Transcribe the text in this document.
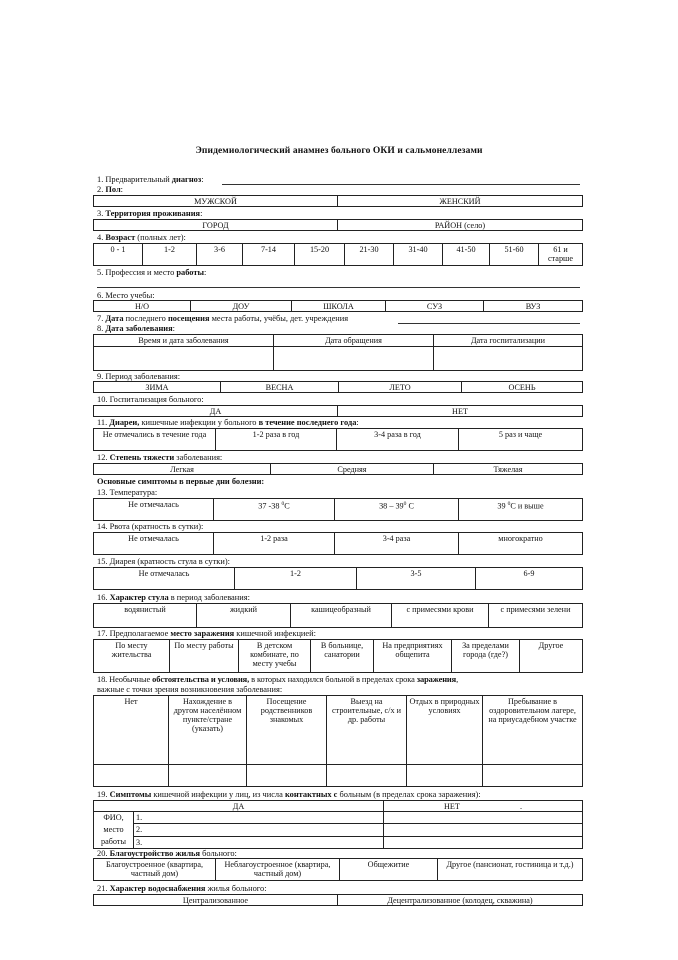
Эпидемиологический анамнез больного ОКИ и сальмонеллезами
1. Предварительный диагноз:
2. Пол:
МУЖСКОЙ	ЖЕНСКИЙ
3. Территория проживания:
ГОРОД	РАЙОН (село)
4. Возраст (полных лет):
0 - 1	1-2	3-6	7-14	15-20	21-30	31-40	41-50	51-60	61 и старше
5. Профессия и место работы:
6. Место учебы:
Н/О	ДОУ	ШКОЛА	СУЗ	ВУЗ
7. Дата последнего посещения места работы, учёбы, дет. учреждения
8. Дата заболевания:
Время и дата заболевания	Дата обращения	Дата госпитализации

9. Период заболевания:
ЗИМА	ВЕСНА	ЛЕТО	ОСЕНЬ
10. Госпитализация больного:
ДА	НЕТ
11. Диареи, кишечные инфекции у больного в течение последнего года:
Не отмечались в течение года	1-2 раза в год	3-4 раза в год	5 раз и чаще
12. Степень тяжести заболевания:
Легкая	Средняя	Тяжелая
Основные симптомы в первые дни болезни:
13. Температура:
Не отмечалась	37 -38 $^0$С	$38 - 39^0$ С	39 $^0$С и выше
14. Рвота (кратность в сутки):
Не отмечалась	1-2 раза	3-4 раза	многократно
15. Диарея (кратность стула в сутки):
Не отмечалась	1-2	3-5	6-9
16. Характер стула в период заболевания:
водянистый	жидкий	кашицеобразный	с примесями крови	с примесями зелени
17. Предполагаемое место заражения кишечной инфекцией:
По месту жительства	По месту работы	В детском комбинате, по месту учебы	В больнице, санатории	На предприятиях общепита	За пределами города (где?)	Другое
18. Необычные обстоятельства и условия, в которых находился больной в пределах срока заражения,
важные с точки зрения возникновения заболевания:
Нет	Нахождение в другом населённом пункте/стране (указать)	Посещение родственников знакомых	Выезд на строительные, с/х и др. работы	Отдых в природных условиях	Пребывание в оздоровительном лагере, на приусадебном участке

19. Симптомы кишечной инфекции у лиц, из числа контактных с больным (в пределах срока заражения):
ДА		НЕТ .

ФИО,
место
работы	1.	
	2.	
	3.	
20. Благоустройство жилья больного:
Благоустроенное (квартира, частный дом)	Неблагоустроенное (квартира, частный дом)	Общежитие	Другое (пансионат, гостиница и т.д.)
21. Характер водоснабжения жилья больного:
Централизованное	Децентрализованное (колодец, скважина)
